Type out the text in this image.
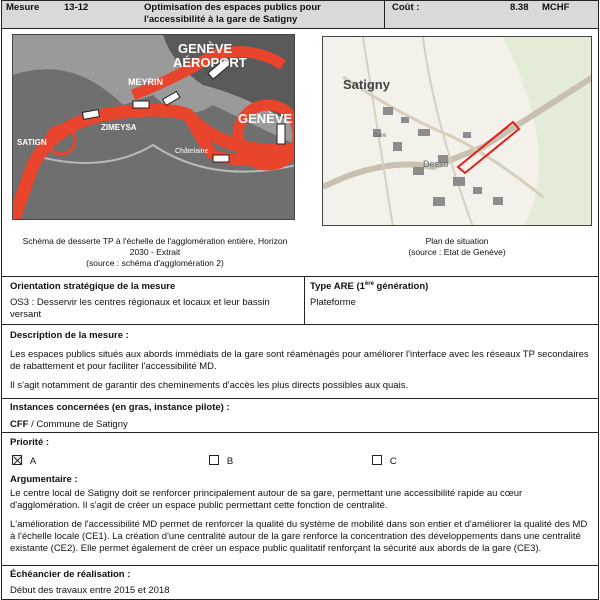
Mesure	13-12	Optimisation des espaces publics pour l'accessibilité à la gare de Satigny
Coût :	8.38 MCHF
GENÈVE
AÉROPORT
MEYRIN
ZIMEYSA
SATIGN
GENÈVE
Châtelaine
Schéma de desserte TP à l'échelle de l'agglomération entière, Horizon
2030 - Extrait
(source : schéma d'agglomération 2)
Satigny
Gare
Desso
Plan de situation
(source : Etat de Genève)
Orientation stratégique de la mesure
OS3 : Desservir les centres régionaux et locaux et leur bassin versant
Type ARE (1ère génération)
Plateforme
Description de la mesure :
Les espaces publics situés aux abords immédiats de la gare sont réaménagés pour améliorer l'interface avec les réseaux TP secondaires de rabattement et pour faciliter l'accessibilité MD.
Il s'agit notamment de garantir des cheminements d'accès les plus directs possibles aux quais.
Instances concernées (en gras, instance pilote) :
CFF / Commune de Satigny
Priorité :
A	B	C
Argumentaire :
Le centre local de Satigny doit se renforcer principalement autour de sa gare, permettant une accessibilité rapide au cœur d'agglomération. Il s'agit de créer un espace public permettant cette fonction de centralité.
L'amélioration de l'accessibilité MD permet de renforcer la qualité du système de mobilité dans son entier et d'améliorer la qualité des MD à l'échelle locale (CE1). La création d'une centralité autour de la gare renforce la concentration des développements dans une centralité existante (CE2). Elle permet également de créer un espace public qualitatif renforçant la sécurité aux abords de la gare (CE3).
Échéancier de réalisation :
Début des travaux entre 2015 et 2018
